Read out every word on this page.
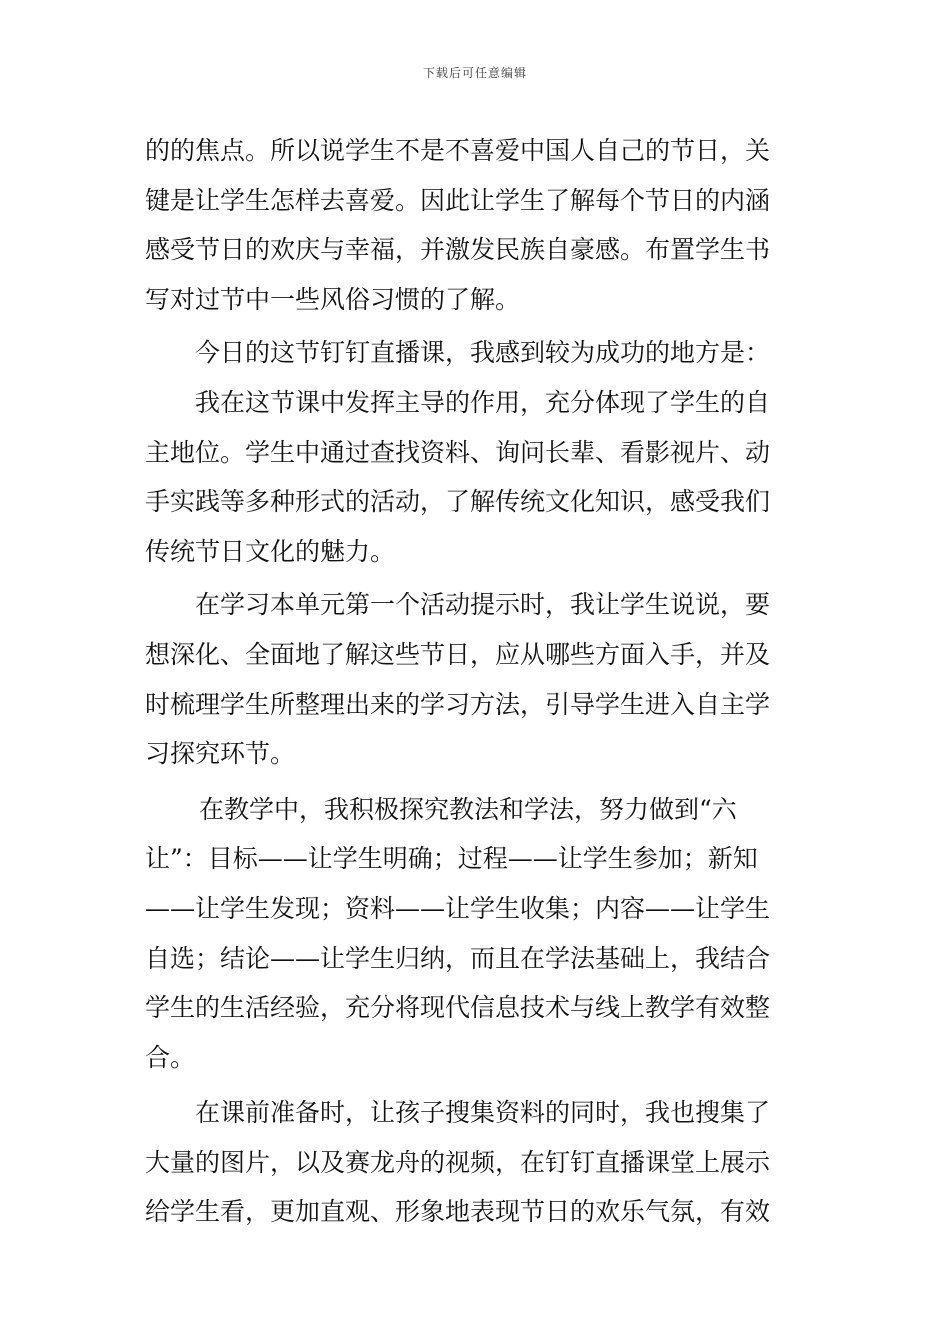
下载后可任意编辑
的的焦点。所以说学生不是不喜爱中国人自己的节日，关
键是让学生怎样去喜爱。因此让学生了解每个节日的内涵
感受节日的欢庆与幸福，并激发民族自豪感。布置学生书
写对过节中一些风俗习惯的了解。
今日的这节钉钉直播课，我感到较为成功的地方是：
我在这节课中发挥主导的作用，充分体现了学生的自
主地位。学生中通过查找资料、询问长辈、看影视片、动
手实践等多种形式的活动，了解传统文化知识，感受我们
传统节日文化的魅力。
在学习本单元第一个活动提示时，我让学生说说，要
想深化、全面地了解这些节日，应从哪些方面入手，并及
时梳理学生所整理出来的学习方法，引导学生进入自主学
习探究环节。
在教学中，我积极探究教法和学法，努力做到“六
让”：目标——让学生明确；过程——让学生参加；新知
——让学生发现；资料——让学生收集；内容——让学生
自选；结论——让学生归纳，而且在学法基础上，我结合
学生的生活经验，充分将现代信息技术与线上教学有效整
合。
在课前准备时，让孩子搜集资料的同时，我也搜集了
大量的图片，以及赛龙舟的视频，在钉钉直播课堂上展示
给学生看，更加直观、形象地表现节日的欢乐气氛，有效
